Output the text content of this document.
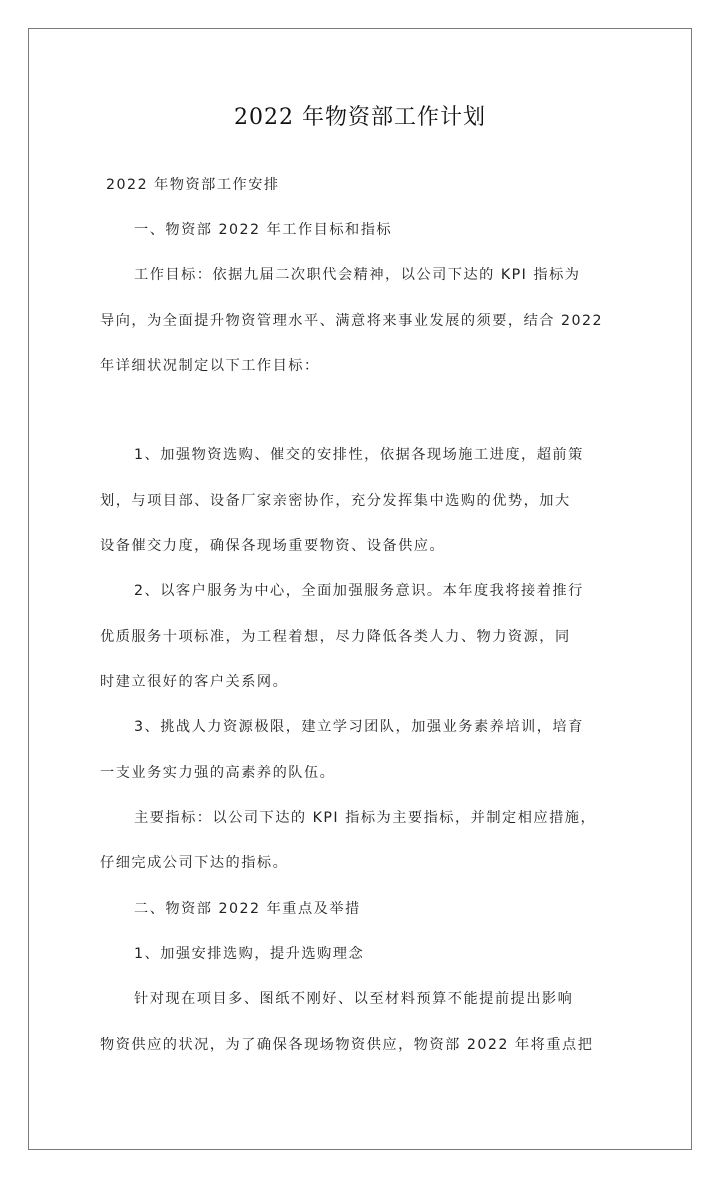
2022 年物资部工作计划
2022 年物资部工作安排
一、物资部 2022 年工作目标和指标
工作目标：依据九届二次职代会精神，以公司下达的 KPI 指标为
导向，为全面提升物资管理水平、满意将来事业发展的须要，结合 2022
年详细状况制定以下工作目标：
1、加强物资选购、催交的安排性，依据各现场施工进度，超前策
划，与项目部、设备厂家亲密协作，充分发挥集中选购的优势，加大
设备催交力度，确保各现场重要物资、设备供应。
2、以客户服务为中心，全面加强服务意识。本年度我将接着推行
优质服务十项标准，为工程着想，尽力降低各类人力、物力资源，同
时建立很好的客户关系网。
3、挑战人力资源极限，建立学习团队，加强业务素养培训，培育
一支业务实力强的高素养的队伍。
主要指标：以公司下达的 KPI 指标为主要指标，并制定相应措施，
仔细完成公司下达的指标。
二、物资部 2022 年重点及举措
1、加强安排选购，提升选购理念
针对现在项目多、图纸不刚好、以至材料预算不能提前提出影响
物资供应的状况，为了确保各现场物资供应，物资部 2022 年将重点把
